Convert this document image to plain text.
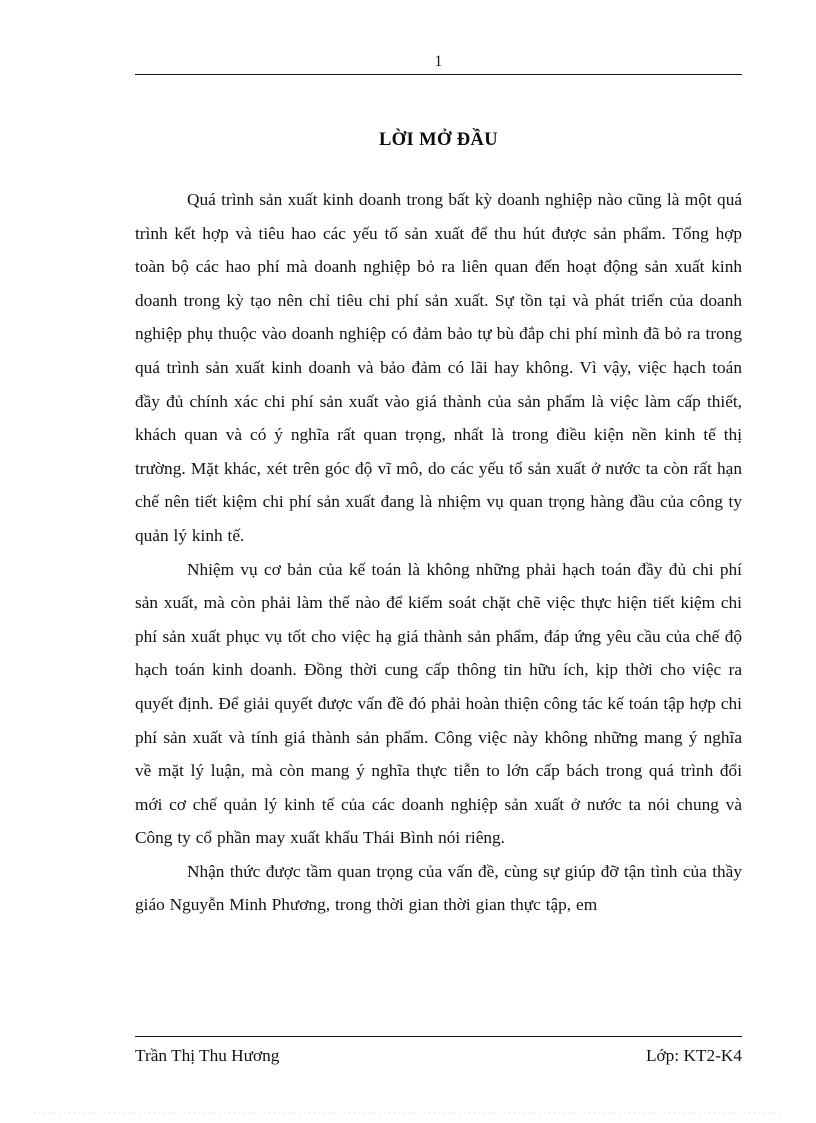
1
LỜI MỞ ĐẦU

Quá trình sản xuất kinh doanh trong bất kỳ doanh nghiệp nào cũng là một quá trình kết hợp và tiêu hao các yếu tố sản xuất để thu hút được sản phẩm. Tổng hợp toàn bộ các hao phí mà doanh nghiệp bỏ ra liên quan đến hoạt động sản xuất kinh doanh trong kỳ tạo nên chỉ tiêu chi phí sản xuất. Sự tồn tại và phát triển của doanh nghiệp phụ thuộc vào doanh nghiệp có đảm bảo tự bù đắp chi phí mình đã bỏ ra trong quá trình sản xuất kinh doanh và bảo đảm có lãi hay không. Vì vậy, việc hạch toán đầy đủ chính xác chi phí sản xuất vào giá thành của sản phẩm là việc làm cấp thiết, khách quan và có ý nghĩa rất quan trọng, nhất là trong điều kiện nền kinh tế thị trường. Mặt khác, xét trên góc độ vĩ mô, do các yếu tố sản xuất ở nước ta còn rất hạn chế nên tiết kiệm chi phí sản xuất đang là nhiệm vụ quan trọng hàng đầu của công ty quản lý kinh tế.

Nhiệm vụ cơ bản của kế toán là không những phải hạch toán đầy đủ chi phí sản xuất, mà còn phải làm thế nào để kiểm soát chặt chẽ việc thực hiện tiết kiệm chi phí sản xuất phục vụ tốt cho việc hạ giá thành sản phẩm, đáp ứng yêu cầu của chế độ hạch toán kinh doanh. Đồng thời cung cấp thông tin hữu ích, kịp thời cho việc ra quyết định. Để giải quyết được vấn đề đó phải hoàn thiện công tác kế toán tập hợp chi phí sản xuất và tính giá thành sản phẩm. Công việc này không những mang ý nghĩa về mặt lý luận, mà còn mang ý nghĩa thực tiễn to lớn cấp bách trong quá trình đổi mới cơ chế quản lý kinh tế của các doanh nghiệp sản xuất ở nước ta nói chung và Công ty cổ phần may xuất khẩu Thái Bình nói riêng.

Nhận thức được tầm quan trọng của vấn đề, cùng sự giúp đỡ tận tình của thầy giáo Nguyễn Minh Phương, trong thời gian thời gian thực tập, em

Trần Thị Thu Hương	Lớp: KT2-K4
